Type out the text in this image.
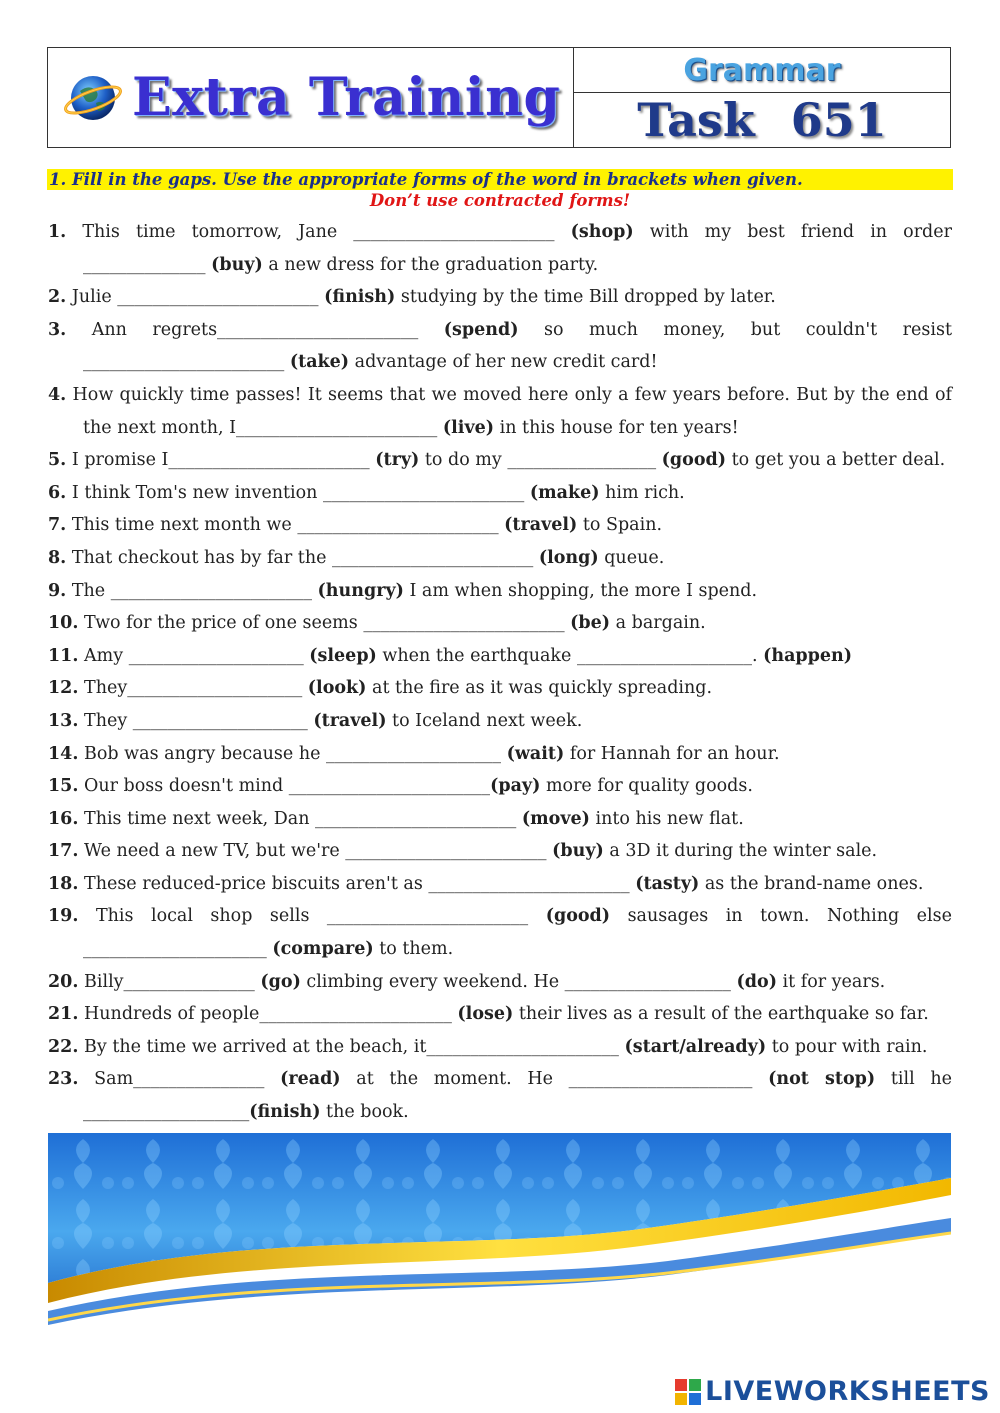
Extra Training	Grammar
Task 651
1. Fill in the gaps. Use the appropriate forms of the word in brackets when given.
Don’t use contracted forms!
1. This time tomorrow, Jane _______________________ (shop) with my best friend in order
______________ (buy) a new dress for the graduation party.
2. Julie _______________________ (finish) studying by the time Bill dropped by later.
3. Ann regrets_______________________ (spend) so much money, but couldn't resist
_______________________ (take) advantage of her new credit card!
4. How quickly time passes! It seems that we moved here only a few years before. But by the end of
the next month, I_______________________ (live) in this house for ten years!
5. I promise I_______________________ (try) to do my _________________ (good) to get you a better deal.
6. I think Tom's new invention _______________________ (make) him rich.
7. This time next month we _______________________ (travel) to Spain.
8. That checkout has by far the _______________________ (long) queue.
9. The _______________________ (hungry) I am when shopping, the more I spend.
10. Two for the price of one seems _______________________ (be) a bargain.
11. Amy ____________________ (sleep) when the earthquake ____________________. (happen)
12. They____________________ (look) at the fire as it was quickly spreading.
13. They ____________________ (travel) to Iceland next week.
14. Bob was angry because he ____________________ (wait) for Hannah for an hour.
15. Our boss doesn't mind _______________________(pay) more for quality goods.
16. This time next week, Dan _______________________ (move) into his new flat.
17. We need a new TV, but we're _______________________ (buy) a 3D it during the winter sale.
18. These reduced-price biscuits aren't as _______________________ (tasty) as the brand-name ones.
19. This local shop sells _______________________ (good) sausages in town. Nothing else
_____________________ (compare) to them.
20. Billy_______________ (go) climbing every weekend. He ___________________ (do) it for years.
21. Hundreds of people______________________ (lose) their lives as a result of the earthquake so far.
22. By the time we arrived at the beach, it______________________ (start/already) to pour with rain.
23. Sam_______________ (read) at the moment. He _____________________ (not stop) till he
___________________(finish) the book.
LIVEWORKSHEETS
